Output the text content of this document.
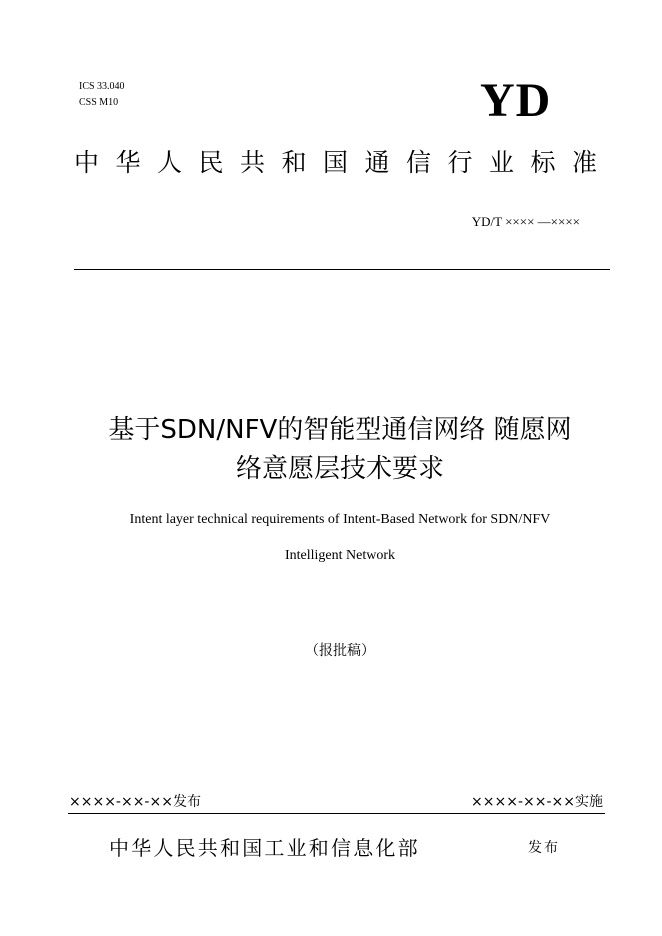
ICS 33.040
CSS M10	YD
中华人民共和国通信行业标准
YD/T ×××× —××××
基于SDN/NFV的智能型通信网络 随愿网
络意愿层技术要求
Intent layer technical requirements of Intent-Based Network for SDN/NFV
Intelligent Network
（报批稿）
××××-××-××发布	××××-××-××实施
中华人民共和国工业和信息化部	发布
